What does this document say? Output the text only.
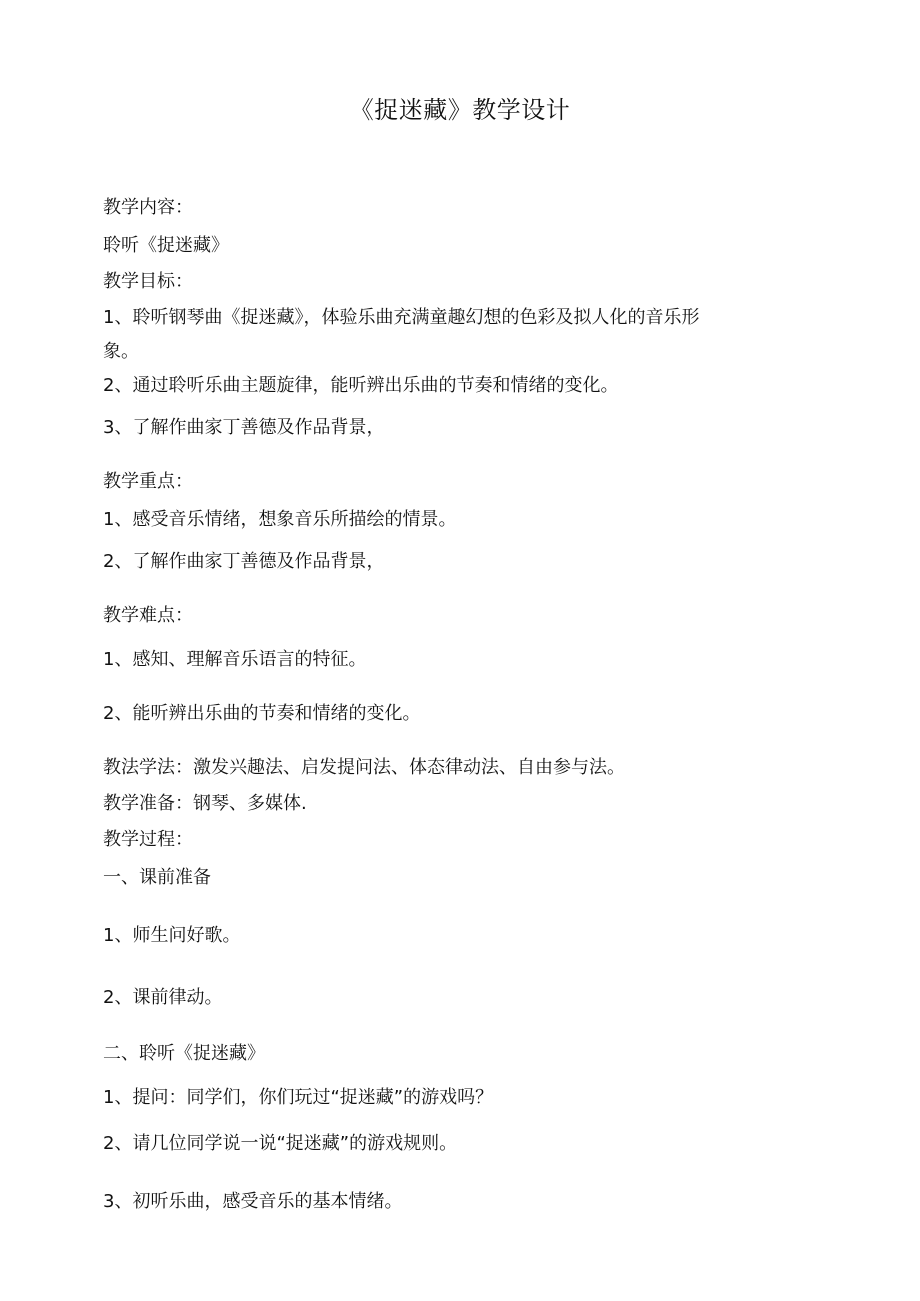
《捉迷藏》教学设计
教学内容：
聆听《捉迷藏》
教学目标：
1、聆听钢琴曲《捉迷藏》，体验乐曲充满童趣幻想的色彩及拟人化的音乐形
象。
2、通过聆听乐曲主题旋律，能听辨出乐曲的节奏和情绪的变化。
3、了解作曲家丁善德及作品背景，
教学重点：
1、感受音乐情绪，想象音乐所描绘的情景。
2、了解作曲家丁善德及作品背景，
教学难点：
1、感知、理解音乐语言的特征。
2、能听辨出乐曲的节奏和情绪的变化。
教法学法：激发兴趣法、启发提问法、体态律动法、自由参与法。
教学准备：钢琴、多媒体.
教学过程：
一、课前准备
1、师生问好歌。
2、课前律动。
二、聆听《捉迷藏》
1、提问：同学们，你们玩过“捉迷藏”的游戏吗？
2、请几位同学说一说“捉迷藏”的游戏规则。
3、初听乐曲，感受音乐的基本情绪。
